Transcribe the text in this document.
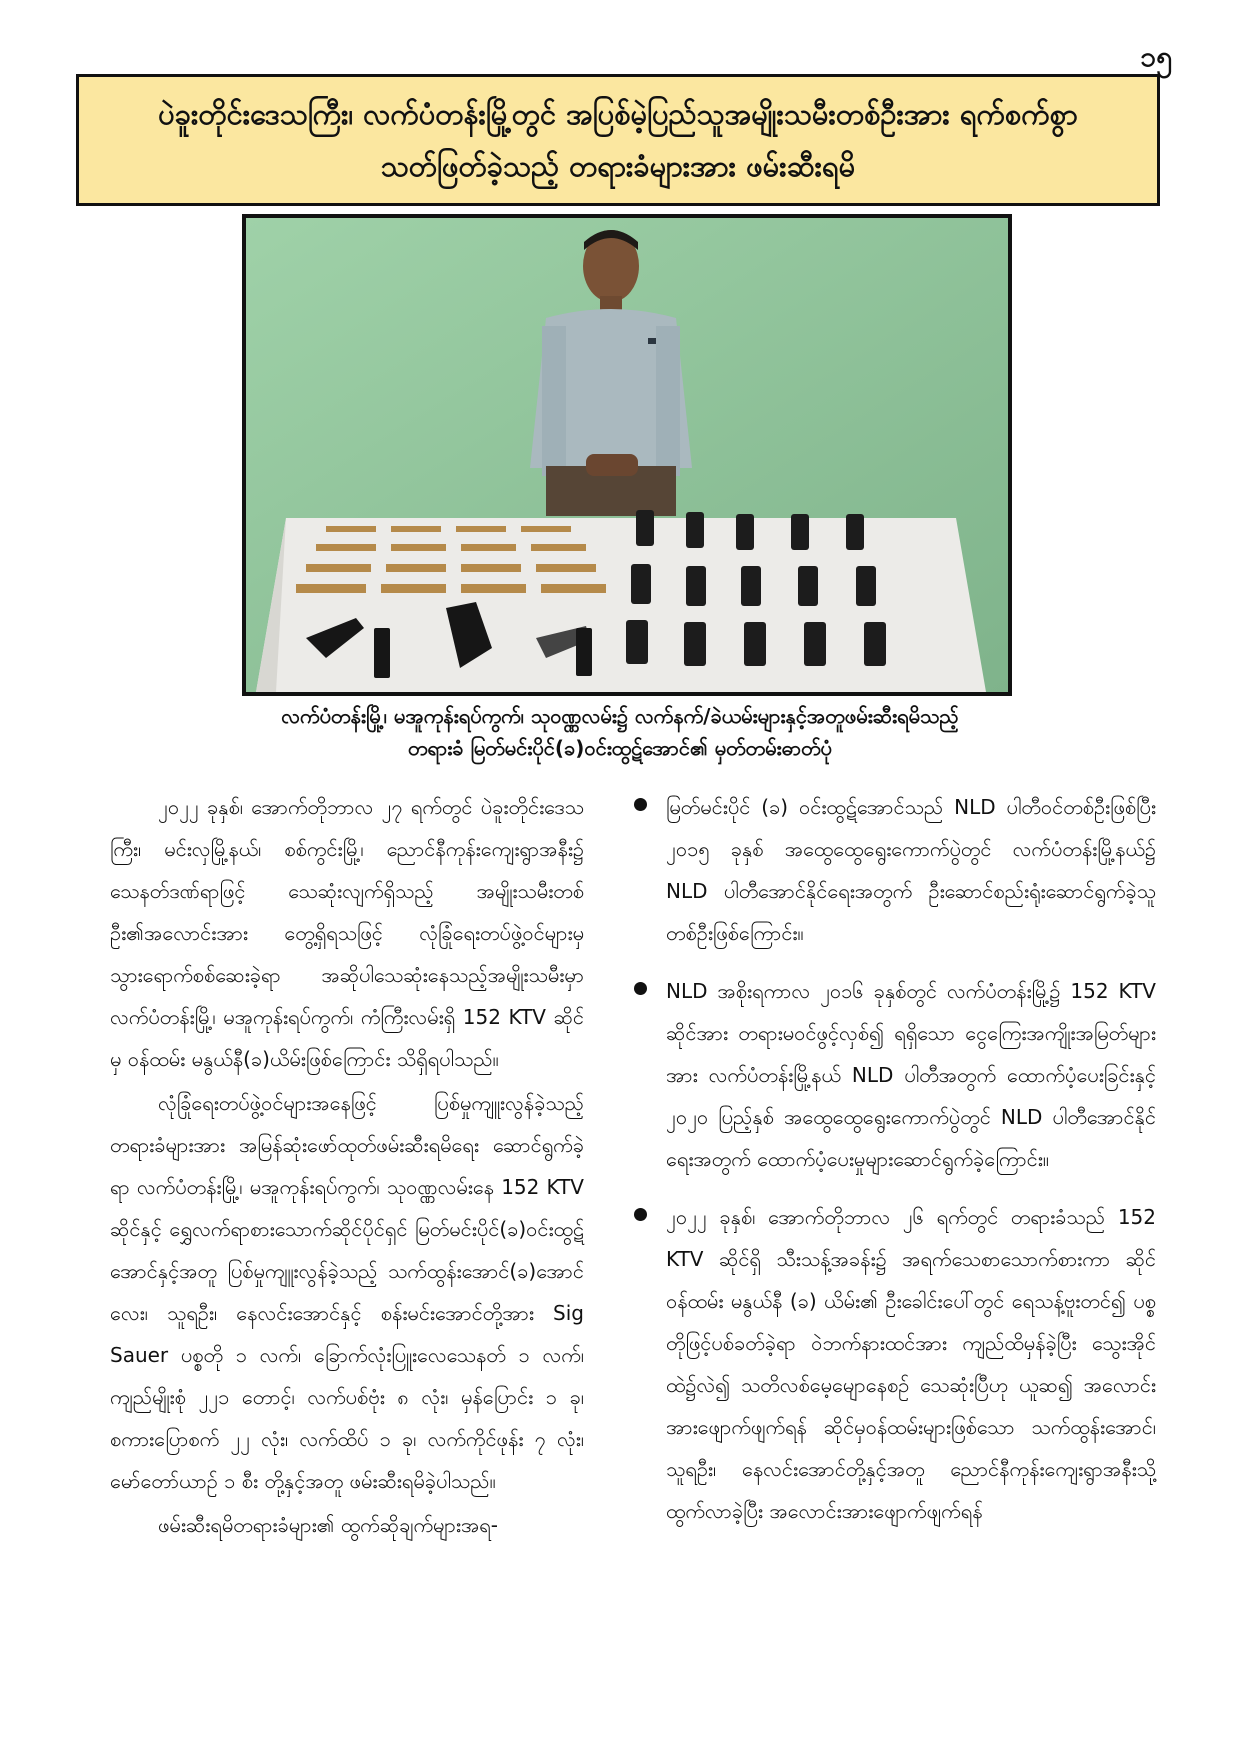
၁၅
ပဲခူးတိုင်းဒေသကြီး၊ လက်ပံတန်းမြို့တွင် အပြစ်မဲ့ပြည်သူအမျိုးသမီးတစ်ဦးအား ရက်စက်စွာ
သတ်ဖြတ်ခဲ့သည့် တရားခံများအား ဖမ်းဆီးရမိ
လက်ပံတန်းမြို့၊ မအူကုန်းရပ်ကွက်၊ သုဝဏ္ဏလမ်း၌ လက်နက်/ခဲယမ်းများနှင့်အတူဖမ်းဆီးရမိသည့်
တရားခံ မြတ်မင်းပိုင်(ခ)ဝင်းထွဋ်အောင်၏ မှတ်တမ်းဓာတ်ပုံ

၂၀၂၂ ခုနှစ်၊ အောက်တိုဘာလ ၂၇ ရက်တွင် ပဲခူးတိုင်းဒေသကြီး၊ မင်းလှမြို့နယ်၊ စစ်ကွင်းမြို့၊ ညောင်နီကုန်းကျေးရွာအနီး၌ သေနတ်ဒဏ်ရာဖြင့် သေဆုံးလျက်ရှိသည့် အမျိုးသမီးတစ်ဦး၏အလောင်းအား တွေ့ရှိရသဖြင့် လုံခြုံရေးတပ်ဖွဲ့ဝင်များမှ သွားရောက်စစ်ဆေးခဲ့ရာ အဆိုပါသေဆုံးနေသည့်အမျိုးသမီးမှာ လက်ပံတန်းမြို့၊ မအူကုန်းရပ်ကွက်၊ ကံကြီးလမ်းရှိ 152 KTV ဆိုင်မှ ဝန်ထမ်း မနွယ်နီ(ခ)ယိမ်းဖြစ်ကြောင်း သိရှိရပါသည်။

လုံခြုံရေးတပ်ဖွဲ့ဝင်များအနေဖြင့် ပြစ်မှုကျူးလွန်ခဲ့သည့် တရားခံများအား အမြန်ဆုံးဖော်ထုတ်ဖမ်းဆီးရမိရေး ဆောင်ရွက်ခဲ့ရာ လက်ပံတန်းမြို့၊ မအူကုန်းရပ်ကွက်၊ သုဝဏ္ဏလမ်းနေ 152 KTV ဆိုင်နှင့် ရွှေလက်ရာစားသောက်ဆိုင်ပိုင်ရှင် မြတ်မင်းပိုင်(ခ)ဝင်းထွဋ်အောင်နှင့်အတူ ပြစ်မှုကျူးလွန်ခဲ့သည့် သက်ထွန်းအောင်(ခ)အောင်လေး၊ သူရဦး၊ နေလင်းအောင်နှင့် စန်းမင်းအောင်တို့အား Sig Sauer ပစ္စတို ၁ လက်၊ ခြောက်လုံးပြူးလေသေနတ် ၁ လက်၊ ကျည်မျိုးစုံ ၂၂၁ တောင့်၊ လက်ပစ်ဗုံး ၈ လုံး၊ မှန်ပြောင်း ၁ ခု၊ စကားပြောစက် ၂၂ လုံး၊ လက်ထိပ် ၁ ခု၊ လက်ကိုင်ဖုန်း ၇ လုံး၊ မော်တော်ယာဉ် ၁ စီး တို့နှင့်အတူ ဖမ်းဆီးရမိခဲ့ပါသည်။

ဖမ်းဆီးရမိတရားခံများ၏ ထွက်ဆိုချက်များအရ-

မြတ်မင်းပိုင် (ခ) ဝင်းထွဋ်အောင်သည် NLD ပါတီဝင်တစ်ဦးဖြစ်ပြီး ၂၀၁၅ ခုနှစ် အထွေထွေရွေးကောက်ပွဲတွင် လက်ပံတန်းမြို့နယ်၌ NLD ပါတီအောင်နိုင်ရေးအတွက် ဦးဆောင်စည်းရုံးဆောင်ရွက်ခဲ့သူတစ်ဦးဖြစ်ကြောင်း။
NLD အစိုးရကာလ ၂၀၁၆ ခုနှစ်တွင် လက်ပံတန်းမြို့၌ 152 KTV ဆိုင်အား တရားမဝင်ဖွင့်လှစ်၍ ရရှိသော ငွေကြေးအကျိုးအမြတ်များအား လက်ပံတန်းမြို့နယ် NLD ပါတီအတွက် ထောက်ပံ့ပေးခြင်းနှင့် ၂၀၂၀ ပြည့်နှစ် အထွေထွေရွေးကောက်ပွဲတွင် NLD ပါတီအောင်နိုင်ရေးအတွက် ထောက်ပံ့ပေးမှုများဆောင်ရွက်ခဲ့ကြောင်း။
၂၀၂၂ ခုနှစ်၊ အောက်တိုဘာလ ၂၆ ရက်တွင် တရားခံသည် 152 KTV ဆိုင်ရှိ သီးသန့်အခန်း၌ အရက်သေစာသောက်စားကာ ဆိုင်ဝန်ထမ်း မနွယ်နီ (ခ) ယိမ်း၏ ဦးခေါင်းပေါ်တွင် ရေသန့်ဗူးတင်၍ ပစ္စတိုဖြင့်ပစ်ခတ်ခဲ့ရာ ဝဲဘက်နားထင်အား ကျည်ထိမှန်ခဲ့ပြီး သွေးအိုင်ထဲ၌လဲ၍ သတိလစ်မေ့မျောနေစဉ် သေဆုံးပြီဟု ယူဆ၍ အလောင်းအားဖျောက်ဖျက်ရန် ဆိုင်မှဝန်ထမ်းများဖြစ်သော သက်ထွန်းအောင်၊ သူရဦး၊ နေလင်းအောင်တို့နှင့်အတူ ညောင်နီကုန်းကျေးရွာအနီးသို့ ထွက်လာခဲ့ပြီး အလောင်းအားဖျောက်ဖျက်ရန်
